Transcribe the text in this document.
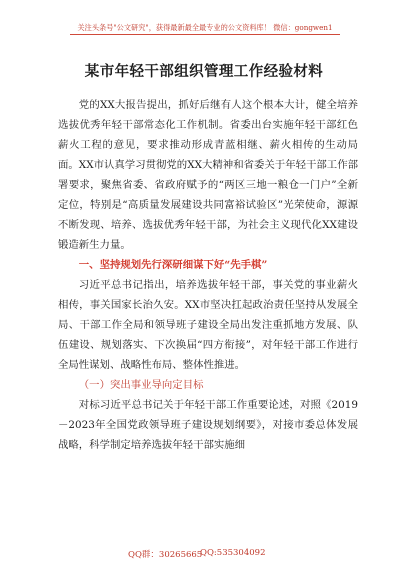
关注头条号"公文研究"，获得最新最全最专业的公文资料库！ 微信：gongwen1
某市年轻干部组织管理工作经验材料

党的XX大报告提出，抓好后继有人这个根本大计，健全培养选拔优秀年轻干部常态化工作机制。省委出台实施年轻干部红色薪火工程的意见，要求推动形成青蓝相继、薪火相传的生动局面。XX市认真学习贯彻党的XX大精神和省委关于年轻干部工作部署要求，聚焦省委、省政府赋予的“两区三地一粮仓一门户”全新定位，特别是“高质量发展建设共同富裕试验区”光荣使命，源源不断发现、培养、选拔优秀年轻干部，为社会主义现代化XX建设锻造新生力量。

一、坚持规划先行深研细谋下好“先手棋”

习近平总书记指出，培养选拔年轻干部，事关党的事业薪火相传，事关国家长治久安。XX市坚决扛起政治责任坚持从发展全局、干部工作全局和领导班子建设全局出发注重抓地方发展、队伍建设、规划落实、下次换届“四方衔接”，对年轻干部工作进行全局性谋划、战略性布局、整体性推进。

（一）突出事业导向定目标

对标习近平总书记关于年轻干部工作重要论述，对照《2019－2023年全国党政领导班子建设规划纲要》，对接市委总体发展战略，科学制定培养选拔年轻干部实施细

QQ群：30265665
QQ:535304092
